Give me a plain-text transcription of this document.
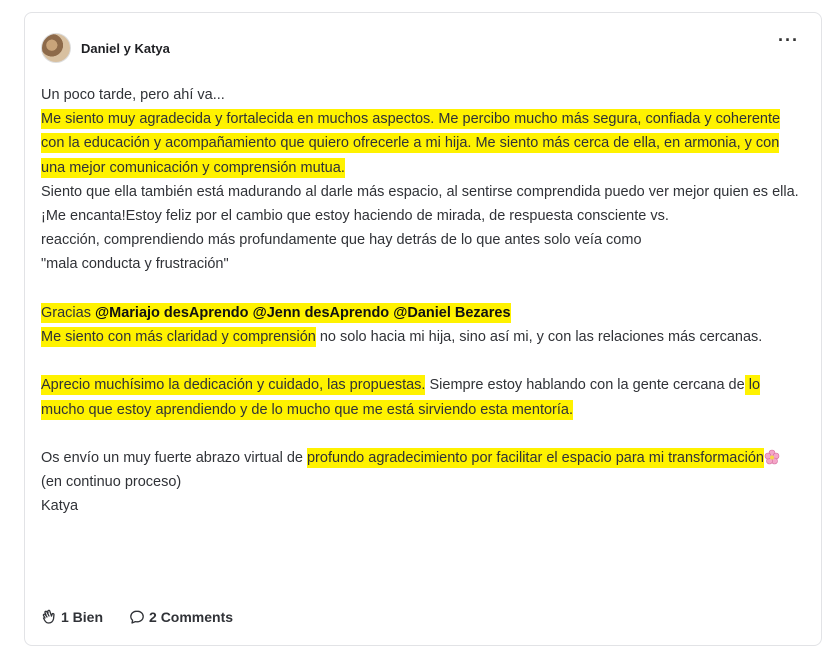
Daniel y Katya	···

Un poco tarde, pero ahí va...

Me siento muy agradecida y fortalecida en muchos aspectos. Me percibo mucho más segura, confiada y coherente con la educación y acompañamiento que quiero ofrecerle a mi hija. Me siento más cerca de ella, en armonia, y con una mejor comunicación y comprensión mutua.

Siento que ella también está madurando al darle más espacio, al sentirse comprendida puedo ver mejor quien es ella. ¡Me encanta!Estoy feliz por el cambio que estoy haciendo de mirada, de respuesta consciente vs.

reacción, comprendiendo más profundamente que hay detrás de lo que antes solo veía como

"mala conducta y frustración"

Gracias @Mariajo desAprendo @Jenn desAprendo @Daniel Bezares

Me siento con más claridad y comprensión no solo hacia mi hija, sino así mi, y con las relaciones más cercanas.

Aprecio muchísimo la dedicación y cuidado, las propuestas. Siempre estoy hablando con la gente cercana de lo mucho que estoy aprendiendo y de lo mucho que me está sirviendo esta mentoría.

Os envío un muy fuerte abrazo virtual de profundo agradecimiento por facilitar el espacio para mi transformación

(en continuo proceso)

Katya

1 Bien	2 Comments
